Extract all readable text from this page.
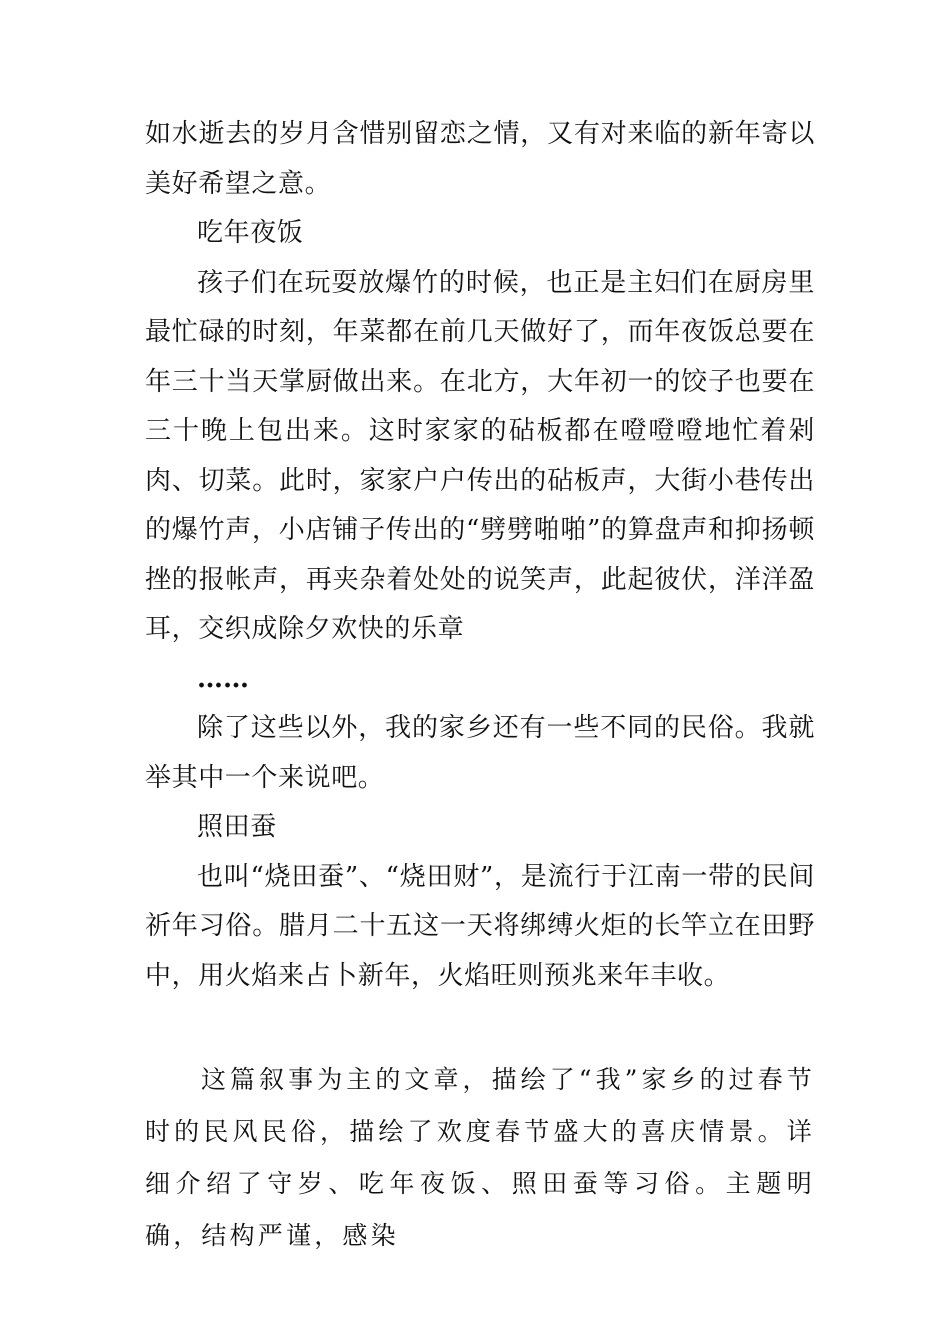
如水逝去的岁月含惜别留恋之情，又有对来临的新年寄以美好希望之意。

吃年夜饭

孩子们在玩耍放爆竹的时候，也正是主妇们在厨房里最忙碌的时刻，年菜都在前几天做好了，而年夜饭总要在年三十当天掌厨做出来。在北方，大年初一的饺子也要在三十晚上包出来。这时家家的砧板都在噔噔噔地忙着剁肉、切菜。此时，家家户户传出的砧板声，大街小巷传出的爆竹声，小店铺子传出的“劈劈啪啪”的算盘声和抑扬顿挫的报帐声，再夹杂着处处的说笑声，此起彼伏，洋洋盈耳，交织成除夕欢快的乐章

……

除了这些以外，我的家乡还有一些不同的民俗。我就举其中一个来说吧。

照田蚕

也叫“烧田蚕”、“烧田财”，是流行于江南一带的民间祈年习俗。腊月二十五这一天将绑缚火炬的长竿立在田野中，用火焰来占卜新年，火焰旺则预兆来年丰收。

这篇叙事为主的文章，描绘了“我”家乡的过春节时的民风民俗，描绘了欢度春节盛大的喜庆情景。详细介绍了守岁、吃年夜饭、照田蚕等习俗。主题明确，结构严谨，感染
